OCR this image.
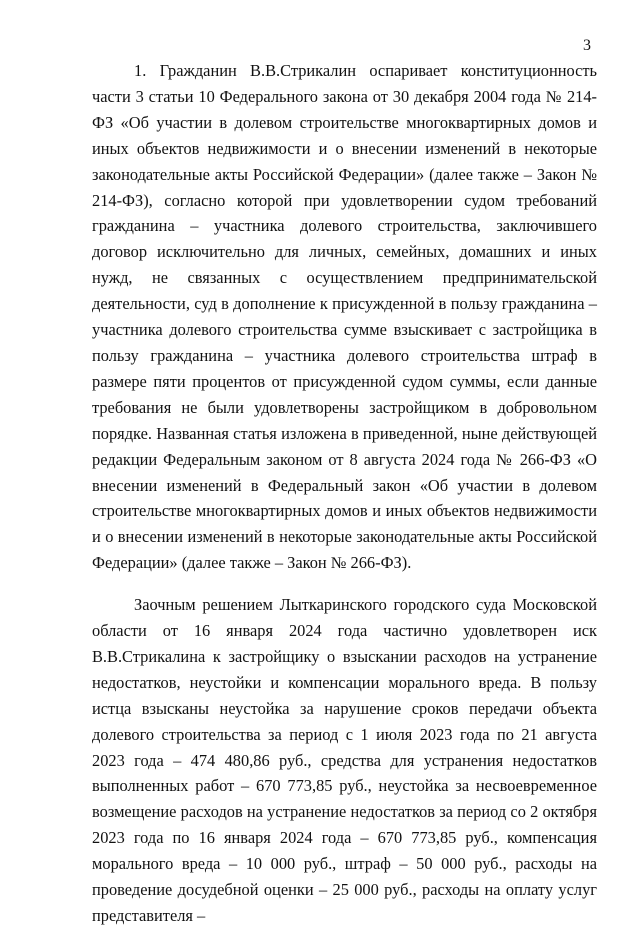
3

1. Гражданин В.В.Стрикалин оспаривает конституционность части 3 статьи 10 Федерального закона от 30 декабря 2004 года № 214-ФЗ «Об участии в долевом строительстве многоквартирных домов и иных объектов недвижимости и о внесении изменений в некоторые законодательные акты Российской Федерации» (далее также – Закон № 214-ФЗ), согласно которой при удовлетворении судом требований гражданина – участника долевого строительства, заключившего договор исключительно для личных, семейных, домашних и иных нужд, не связанных с осуществлением предпринимательской деятельности, суд в дополнение к присужденной в пользу гражданина – участника долевого строительства сумме взыскивает с застройщика в пользу гражданина – участника долевого строительства штраф в размере пяти процентов от присужденной судом суммы, если данные требования не были удовлетворены застройщиком в добровольном порядке. Названная статья изложена в приведенной, ныне действующей редакции Федеральным законом от 8 августа 2024 года № 266-ФЗ «О внесении изменений в Федеральный закон «Об участии в долевом строительстве многоквартирных домов и иных объектов недвижимости и о внесении изменений в некоторые законодательные акты Российской Федерации» (далее также – Закон № 266-ФЗ).

Заочным решением Лыткаринского городского суда Московской области от 16 января 2024 года частично удовлетворен иск В.В.Стрикалина к застройщику о взыскании расходов на устранение недостатков, неустойки и компенсации морального вреда. В пользу истца взысканы неустойка за нарушение сроков передачи объекта долевого строительства за период с 1 июля 2023 года по 21 августа 2023 года – 474 480,86 руб., средства для устранения недостатков выполненных работ – 670 773,85 руб., неустойка за несвоевременное возмещение расходов на устранение недостатков за период со 2 октября 2023 года по 16 января 2024 года – 670 773,85 руб., компенсация морального вреда – 10 000 руб., штраф – 50 000 руб., расходы на проведение досудебной оценки – 25 000 руб., расходы на оплату услуг представителя –
